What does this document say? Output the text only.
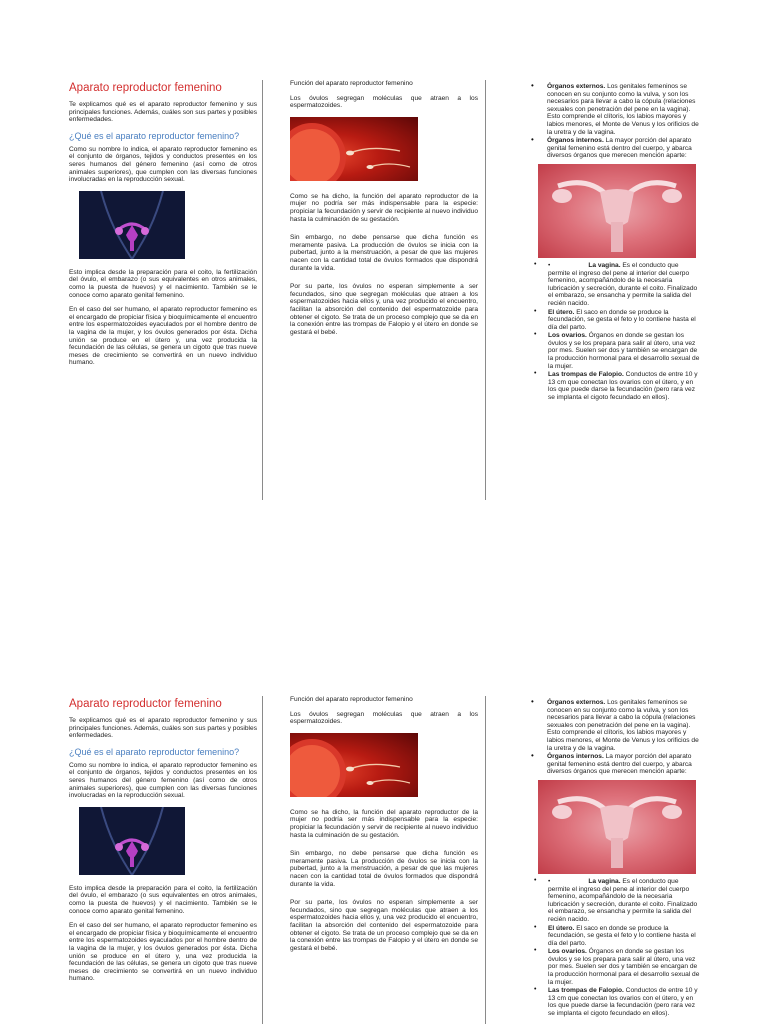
Aparato reproductor femenino

Te explicamos qué es el aparato reproductor femenino y sus principales funciones. Además, cuáles son sus partes y posibles enfermedades.

¿Qué es el aparato reproductor femenino?

Como su nombre lo indica, el aparato reproductor femenino es el conjunto de órganos, tejidos y conductos presentes en los seres humanos del género femenino (así como de otros animales superiores), que cumplen con las diversas funciones involucradas en la reproducción sexual.

Esto implica desde la preparación para el coito, la fertilización del óvulo, el embarazo (o sus equivalentes en otros animales, como la puesta de huevos) y el nacimiento. También se le conoce como aparato genital femenino.

En el caso del ser humano, el aparato reproductor femenino es el encargado de propiciar física y bioquímicamente el encuentro entre los espermatozoides eyaculados por el hombre dentro de la vagina de la mujer, y los óvulos generados por ésta. Dicha unión se produce en el útero y, una vez producida la fecundación de las células, se genera un cigoto que tras nueve meses de crecimiento se convertirá en un nuevo individuo humano.

Función del aparato reproductor femenino

Los óvulos segregan moléculas que atraen a los espermatozoides.

Como se ha dicho, la función del aparato reproductor de la mujer no podría ser más indispensable para la especie: propiciar la fecundación y servir de recipiente al nuevo individuo hasta la culminación de su gestación.

Sin embargo, no debe pensarse que dicha función es meramente pasiva. La producción de óvulos se inicia con la pubertad, junto a la menstruación, a pesar de que las mujeres nacen con la cantidad total de óvulos formados que dispondrá durante la vida.

Por su parte, los óvulos no esperan simplemente a ser fecundados, sino que segregan moléculas que atraen a los espermatozoides hacia ellos y, una vez producido el encuentro, facilitan la absorción del contenido del espermatozoide para obtener el cigoto. Se trata de un proceso complejo que se da en la conexión entre las trompas de Falopio y el útero en donde se gestará el bebé.

• Órganos externos. Los genitales femeninos se conocen en su conjunto como la vulva, y son los necesarios para llevar a cabo la cópula (relaciones sexuales con penetración del pene en la vagina). Esto comprende el clítoris, los labios mayores y labios menores, el Monte de Venus y los orificios de la uretra y de la vagina.
• Órganos internos. La mayor porción del aparato genital femenino está dentro del cuerpo, y abarca diversos órganos que merecen mención aparte:
• •	La vagina. Es el conducto que permite el ingreso del pene al interior del cuerpo femenino, acompañándolo de la necesaria lubricación y secreción, durante el coito. Finalizado el embarazo, se ensancha y permite la salida del recién nacido.
• El útero. El saco en donde se produce la fecundación, se gesta el feto y lo contiene hasta el día del parto.
• Los ovarios. Órganos en donde se gestan los óvulos y se los prepara para salir al útero, una vez por mes. Suelen ser dos y también se encargan de la producción hormonal para el desarrollo sexual de la mujer.
• Las trompas de Falopio. Conductos de entre 10 y 13 cm que conectan los ovarios con el útero, y en los que puede darse la fecundación (pero rara vez se implanta el cigoto fecundado en ellos).
Aparato reproductor femenino

Te explicamos qué es el aparato reproductor femenino y sus principales funciones. Además, cuáles son sus partes y posibles enfermedades.

¿Qué es el aparato reproductor femenino?

Como su nombre lo indica, el aparato reproductor femenino es el conjunto de órganos, tejidos y conductos presentes en los seres humanos del género femenino (así como de otros animales superiores), que cumplen con las diversas funciones involucradas en la reproducción sexual.

Esto implica desde la preparación para el coito, la fertilización del óvulo, el embarazo (o sus equivalentes en otros animales, como la puesta de huevos) y el nacimiento. También se le conoce como aparato genital femenino.

En el caso del ser humano, el aparato reproductor femenino es el encargado de propiciar física y bioquímicamente el encuentro entre los espermatozoides eyaculados por el hombre dentro de la vagina de la mujer, y los óvulos generados por ésta. Dicha unión se produce en el útero y, una vez producida la fecundación de las células, se genera un cigoto que tras nueve meses de crecimiento se convertirá en un nuevo individuo humano.

Función del aparato reproductor femenino

Los óvulos segregan moléculas que atraen a los espermatozoides.

Como se ha dicho, la función del aparato reproductor de la mujer no podría ser más indispensable para la especie: propiciar la fecundación y servir de recipiente al nuevo individuo hasta la culminación de su gestación.

Sin embargo, no debe pensarse que dicha función es meramente pasiva. La producción de óvulos se inicia con la pubertad, junto a la menstruación, a pesar de que las mujeres nacen con la cantidad total de óvulos formados que dispondrá durante la vida.

Por su parte, los óvulos no esperan simplemente a ser fecundados, sino que segregan moléculas que atraen a los espermatozoides hacia ellos y, una vez producido el encuentro, facilitan la absorción del contenido del espermatozoide para obtener el cigoto. Se trata de un proceso complejo que se da en la conexión entre las trompas de Falopio y el útero en donde se gestará el bebé.

• Órganos externos. Los genitales femeninos se conocen en su conjunto como la vulva, y son los necesarios para llevar a cabo la cópula (relaciones sexuales con penetración del pene en la vagina). Esto comprende el clítoris, los labios mayores y labios menores, el Monte de Venus y los orificios de la uretra y de la vagina.
• Órganos internos. La mayor porción del aparato genital femenino está dentro del cuerpo, y abarca diversos órganos que merecen mención aparte:
• •	La vagina. Es el conducto que permite el ingreso del pene al interior del cuerpo femenino, acompañándolo de la necesaria lubricación y secreción, durante el coito. Finalizado el embarazo, se ensancha y permite la salida del recién nacido.
• El útero. El saco en donde se produce la fecundación, se gesta el feto y lo contiene hasta el día del parto.
• Los ovarios. Órganos en donde se gestan los óvulos y se los prepara para salir al útero, una vez por mes. Suelen ser dos y también se encargan de la producción hormonal para el desarrollo sexual de la mujer.
• Las trompas de Falopio. Conductos de entre 10 y 13 cm que conectan los ovarios con el útero, y en los que puede darse la fecundación (pero rara vez se implanta el cigoto fecundado en ellos).
